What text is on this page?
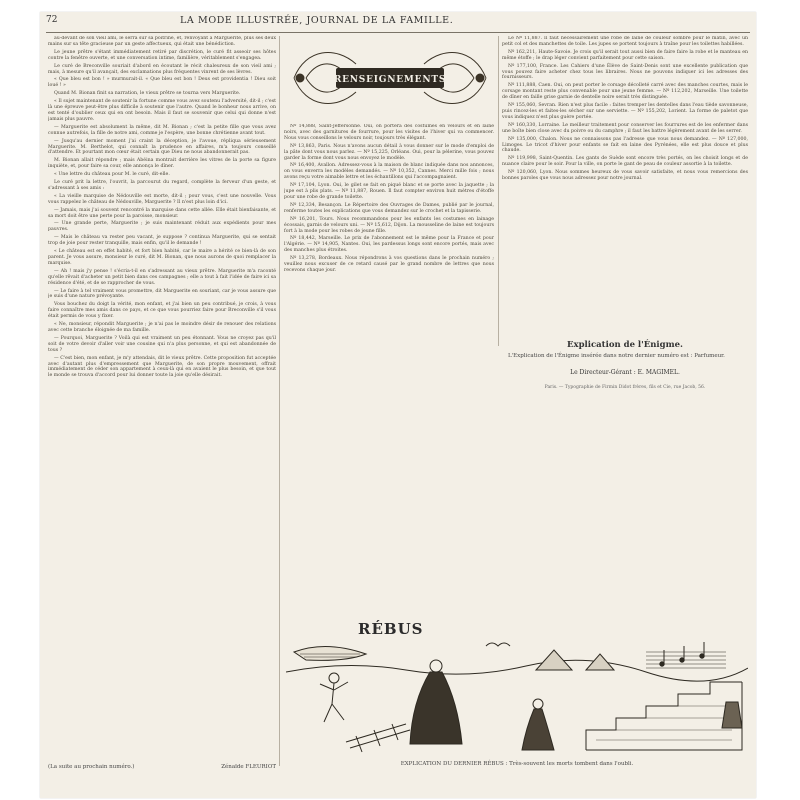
72	LA MODE ILLUSTRÉE, JOURNAL DE LA FAMILLE.

au-devant de son vieil ami, le serra sur sa poitrine, et, renvoyant à Marguerite, plus ses deux mains sur sa tête gracieuse par un geste affectueux, qui était une bénédiction.

Le jeune prêtre s'étant immédiatement retiré par discrétion, le curé fit asseoir ses hôtes contre la fenêtre ouverte, et une conversation intime, familière, véritablement s'engagea.

Le curé de Breconville souriait d'abord en écoutant le récit chaleureux de son vieil ami ; mais, à mesure qu'il avançait, des exclamations plus fréquentes vinrent de ses lèvres.

« Que bleu est bon ! » murmurait-il. « Que bleu est bon ! Deus est providentia ! Dieu soit loué ! »

Quand M. Bionan finit sa narration, le vieux prêtre se tourna vers Marguerite.

« Il sujet maintenant de soutenir la fortune comme vous avez soutenu l'adversité, dit-il ; c'est là une épreuve peut-être plus difficile à soutenir que l'autre. Quand le bonheur nous arrive, on est tenté d'oublier ceux qui en ont besoin. Mais il faut se souvenir que celui qui donne n'est jamais plus pauvre.

— Marguerite est absolument la même, dit M. Bionan ; c'est la petite fille que vous avez connue autrefois, la fille de notre ami, comme je l'espère, une bonne chrétienne avant tout.

— Jusqu'au dernier moment j'ai craint la déception, je l'avoue, répliqua sérieusement Marguerite. M. Berthelot, qui connaît la prudence en affaires, m'a toujours conseillé d'attendre. Et pourtant mon cœur était certain que Dieu ne nous abandonnerait pas.

M. Bionan allait répondre ; mais Abéina montrait derrière les vitres de la porte sa figure inquiète, et, pour faire sa cour, elle annonça le dîner.

« Une lettre du château pour M. le curé, dit-elle.

Le curé prit la lettre, l'ouvrit, la parcourut du regard, complète la ferveur d'un geste, et s'adressant à ses amis :

« La vieille marquise de Nédouville est morte, dit-il ; pour vous, c'est une nouvelle. Vous vous rappelez le château de Nédouville, Marguerite ? Il n'est plus loin d'ici.

— Jamais, mais j'ai souvent rencontré la marquise dans cette allée. Elle était bienfaisante, et sa mort doit être une perte pour la paroisse, monsieur.

— Une grande perte, Marguerite ; je suis maintenant réduit aux expédients pour mes pauvres.

— Mais le château va rester peu vacant, je suppose ? continua Marguerite, qui se sentait trop de joie pour rester tranquille, mais enfin, qu'il le demande !

« Le château est en effet habité, et fort bien habité, car le maire a hérité ce bien-là de son parent. Je vous assure, monsieur le curé, dit M. Bionan, que nous aurons de quoi remplacer la marquise.

— Ah ! mais j'y pense ! s'écria-t-il en s'adressant au vieux prêtre. Marguerite m'a raconté qu'elle rêvait d'acheter un petit bien dans ces campagnes ; elle a tout à fait l'idée de faire ici sa résidence d'été, et de se rapprocher de vous.

— Le faire à tel vraiment vous promettre, dit Marguerite en souriant, car je vous assure que je suis d'une nature prévoyante.

Vous bouchez du doigt la vérité, mon enfant, et j'ai bien un peu contribué, je crois, à vous faire connaître mes amis dans ce pays, et ce que vous pourriez faire pour Breconville s'il vous était permis de vous y fixer.

« Ne, monsieur, répondit Marguerite ; je n'ai pas le moindre désir de renouer des relations avec cette branche éloignée de ma famille.

— Pourquoi, Marguerite ? Voilà qui est vraiment un peu étonnant. Vous ne croyez pas qu'il soit de votre devoir d'aller voir une cousine qui n'a plus personne, et qui est abandonnée de tous ?

— C'est bien, mon enfant, je m'y attendais, dit le vieux prêtre. Cette proposition fut acceptée avec d'autant plus d'empressement que Marguerite, de son propre mouvement, offrait immédiatement de céder son appartement à ceux-là qui en avaient le plus besoin, et que tout le monde se trouva d'accord pour lui donner toute la joie qu'elle désirait.

(La suite au prochain numéro.)	Zénaïde FLEURIOT
RENSEIGNEMENTS

Nº 14,888, Saint-Jeffersonne. Oui, on portera des costumes en velours et en laine noirs, avec des garnitures de fourrure, pour les visites de l'hiver qui va commencer. Nous vous conseillons le velours noir, toujours très élégant.

Nº 13,863, Paris. Nous n'avons aucun détail à vous donner sur le mode d'emploi de la pâte dont vous nous parlez. — Nº 15,225, Orléans. Oui, pour la pèlerine, vous pouvez garder la forme dont vous nous envoyez le modèle.

Nº 16,400, Avallon. Adressez-vous à la maison de blanc indiquée dans nos annonces, on vous enverra les modèles demandés. — Nº 10,352, Cannes. Merci mille fois ; nous avons reçu votre aimable lettre et les échantillons qui l'accompagnaient.

Nº 17,104, Lyon. Oui, le gilet se fait en piqué blanc et se porte avec la jaquette ; la jupe est à plis plats. — Nº 11,887, Rouen. Il faut compter environ huit mètres d'étoffe pour une robe de grande toilette.

Nº 12,334, Besançon. Le Répertoire des Ouvrages de Dames, publié par le journal, renferme toutes les explications que vous demandez sur le crochet et la tapisserie.

Nº 16,201, Tours. Nous recommandons pour les enfants les costumes en lainage écossais, garnis de velours uni. — Nº 15,612, Dijon. La mousseline de laine est toujours fort à la mode pour les robes de jeune fille.

Nº 18,442, Marseille. Le prix de l'abonnement est le même pour la France et pour l'Algérie. — Nº 14,905, Nantes. Oui, les pardessus longs sont encore portés, mais avec des manches plus étroites.

Nº 13,278, Bordeaux. Nous répondrons à vos questions dans le prochain numéro ; veuillez nous excuser de ce retard causé par le grand nombre de lettres que nous recevons chaque jour.

Le Nº 11,887. Il faut nécessairement une robe de laine de couleur sombre pour le matin, avec un petit col et des manchettes de toile. Les jupes se portent toujours à traîne pour les toilettes habillées.

Nº 162,211, Haute-Savoie. Je crois qu'il serait tout aussi bien de faire faire la robe et le manteau en même étoffe ; le drap léger convient parfaitement pour cette saison.

Nº 177,100, France. Les Cahiers d'une Élève de Saint-Denis sont une excellente publication que vous pouvez faire acheter chez tous les libraires. Nous ne pouvons indiquer ici les adresses des fournisseurs.

Nº 111,888, Caen. Oui, on peut porter le corsage décolleté carré avec des manches courtes, mais le corsage montant reste plus convenable pour une jeune femme. — Nº 112,202, Marseille. Une toilette de dîner en faille grise garnie de dentelle noire serait très distinguée.

Nº 155,060, Sevran. Rien n'est plus facile : faites tremper les dentelles dans l'eau tiède savonneuse, puis rincez-les et faites-les sécher sur une serviette. — Nº 155,202, Lorient. La forme de paletot que vous indiquez n'est plus guère portée.

Nº 160,330, Lorraine. Le meilleur traitement pour conserver les fourrures est de les enfermer dans une boîte bien close avec du poivre ou du camphre ; il faut les battre légèrement avant de les serrer.

Nº 135,000, Chalon. Nous ne connaissons pas l'adresse que vous nous demandez. — Nº 127,000, Limoges. Le tricot d'hiver pour enfants se fait en laine des Pyrénées, elle est plus douce et plus chaude.

Nº 119,998, Saint-Quentin. Les gants de Suède sont encore très portés, on les choisit longs et de nuance claire pour le soir. Pour la ville, on porte le gant de peau de couleur assortie à la toilette.

Nº 120,060, Lyon. Nous sommes heureux de vous savoir satisfaite, et nous vous remercions des bonnes paroles que vous nous adressez pour notre journal.

Explication de l'Énigme.
L'Explication de l'Énigme insérée dans notre dernier numéro est : Parfumeur.
Le Directeur-Gérant : E. MAGIMEL.
Paris. — Typographie de Firmin Didot frères, fils et Cie, rue Jacob, 56.
RÉBUS
EXPLICATION DU DERNIER RÉBUS : Très-souvent les morts tombent dans l'oubli.
